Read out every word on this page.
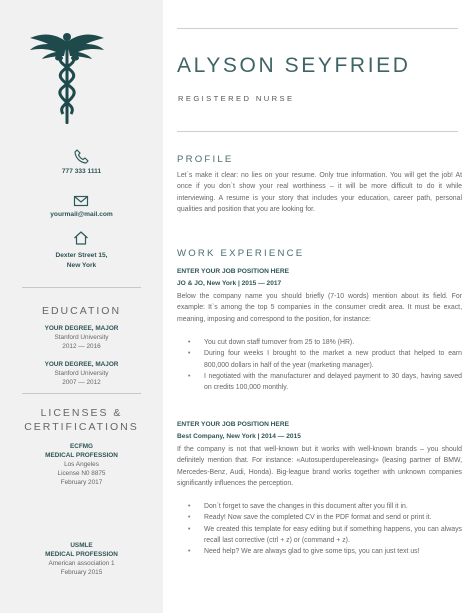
777 333 1111
yourmail@mail.com
Dexter Street 15,
New York
EDUCATION
YOUR DEGREE, MAJOR
Stanford University
2012 — 2016
YOUR DEGREE, MAJOR
Stanford University
2007 — 2012
LICENSES &
CERTIFICATIONS
ECFMG
MEDICAL PROFESSION
Los Angeles
License N0 8875
February 2017
USMLE
MEDICAL PROFESSION
American association 1
February 2015
ALYSON SEYFRIED
REGISTERED NURSE
PROFILE
Let`s make it clear: no lies on your resume. Only true information. You will get the job! At once if you don`t show your real worthiness – it will be more difficult to do it while interviewing. A resume is your story that includes your education, career path, personal qualities and position that you are looking for.
WORK EXPERIENCE
ENTER YOUR JOB POSITION HERE
JO & JO, New York | 2015 — 2017
Below the company name you should briefly (7-10 words) mention about its field. For example: It`s among the top 5 companies in the consumer credit area. It must be exact, meaning, imposing and correspond to the position, for instance:
• You cut down staff turnover from 25 to 18% (HR).
• During four weeks I brought to the market a new product that helped to earn 800,000 dollars in half of the year (marketing manager).
• I negotiated with the manufacturer and delayed payment to 30 days, having saved on credits 100,000 monthly.
ENTER YOUR JOB POSITION HERE
Best Company, New York | 2014 — 2015
If the company is not that well-known but it works with well-known brands – you should definitely mention that. For instance: «Autosuperdupereleasing» (leasing partner of BMW, Mercedes-Benz, Audi, Honda). Big-league brand works together with unknown companies significantly influences the perception.
• Don`t forget to save the changes in this document after you fill it in.
• Ready! Now save the completed CV in the PDF format and send or print it.
• We created this template for easy editing but if something happens, you can always recall last corrective (ctrl + z) or (command + z).
• Need help? We are always glad to give some tips, you can just text us!
